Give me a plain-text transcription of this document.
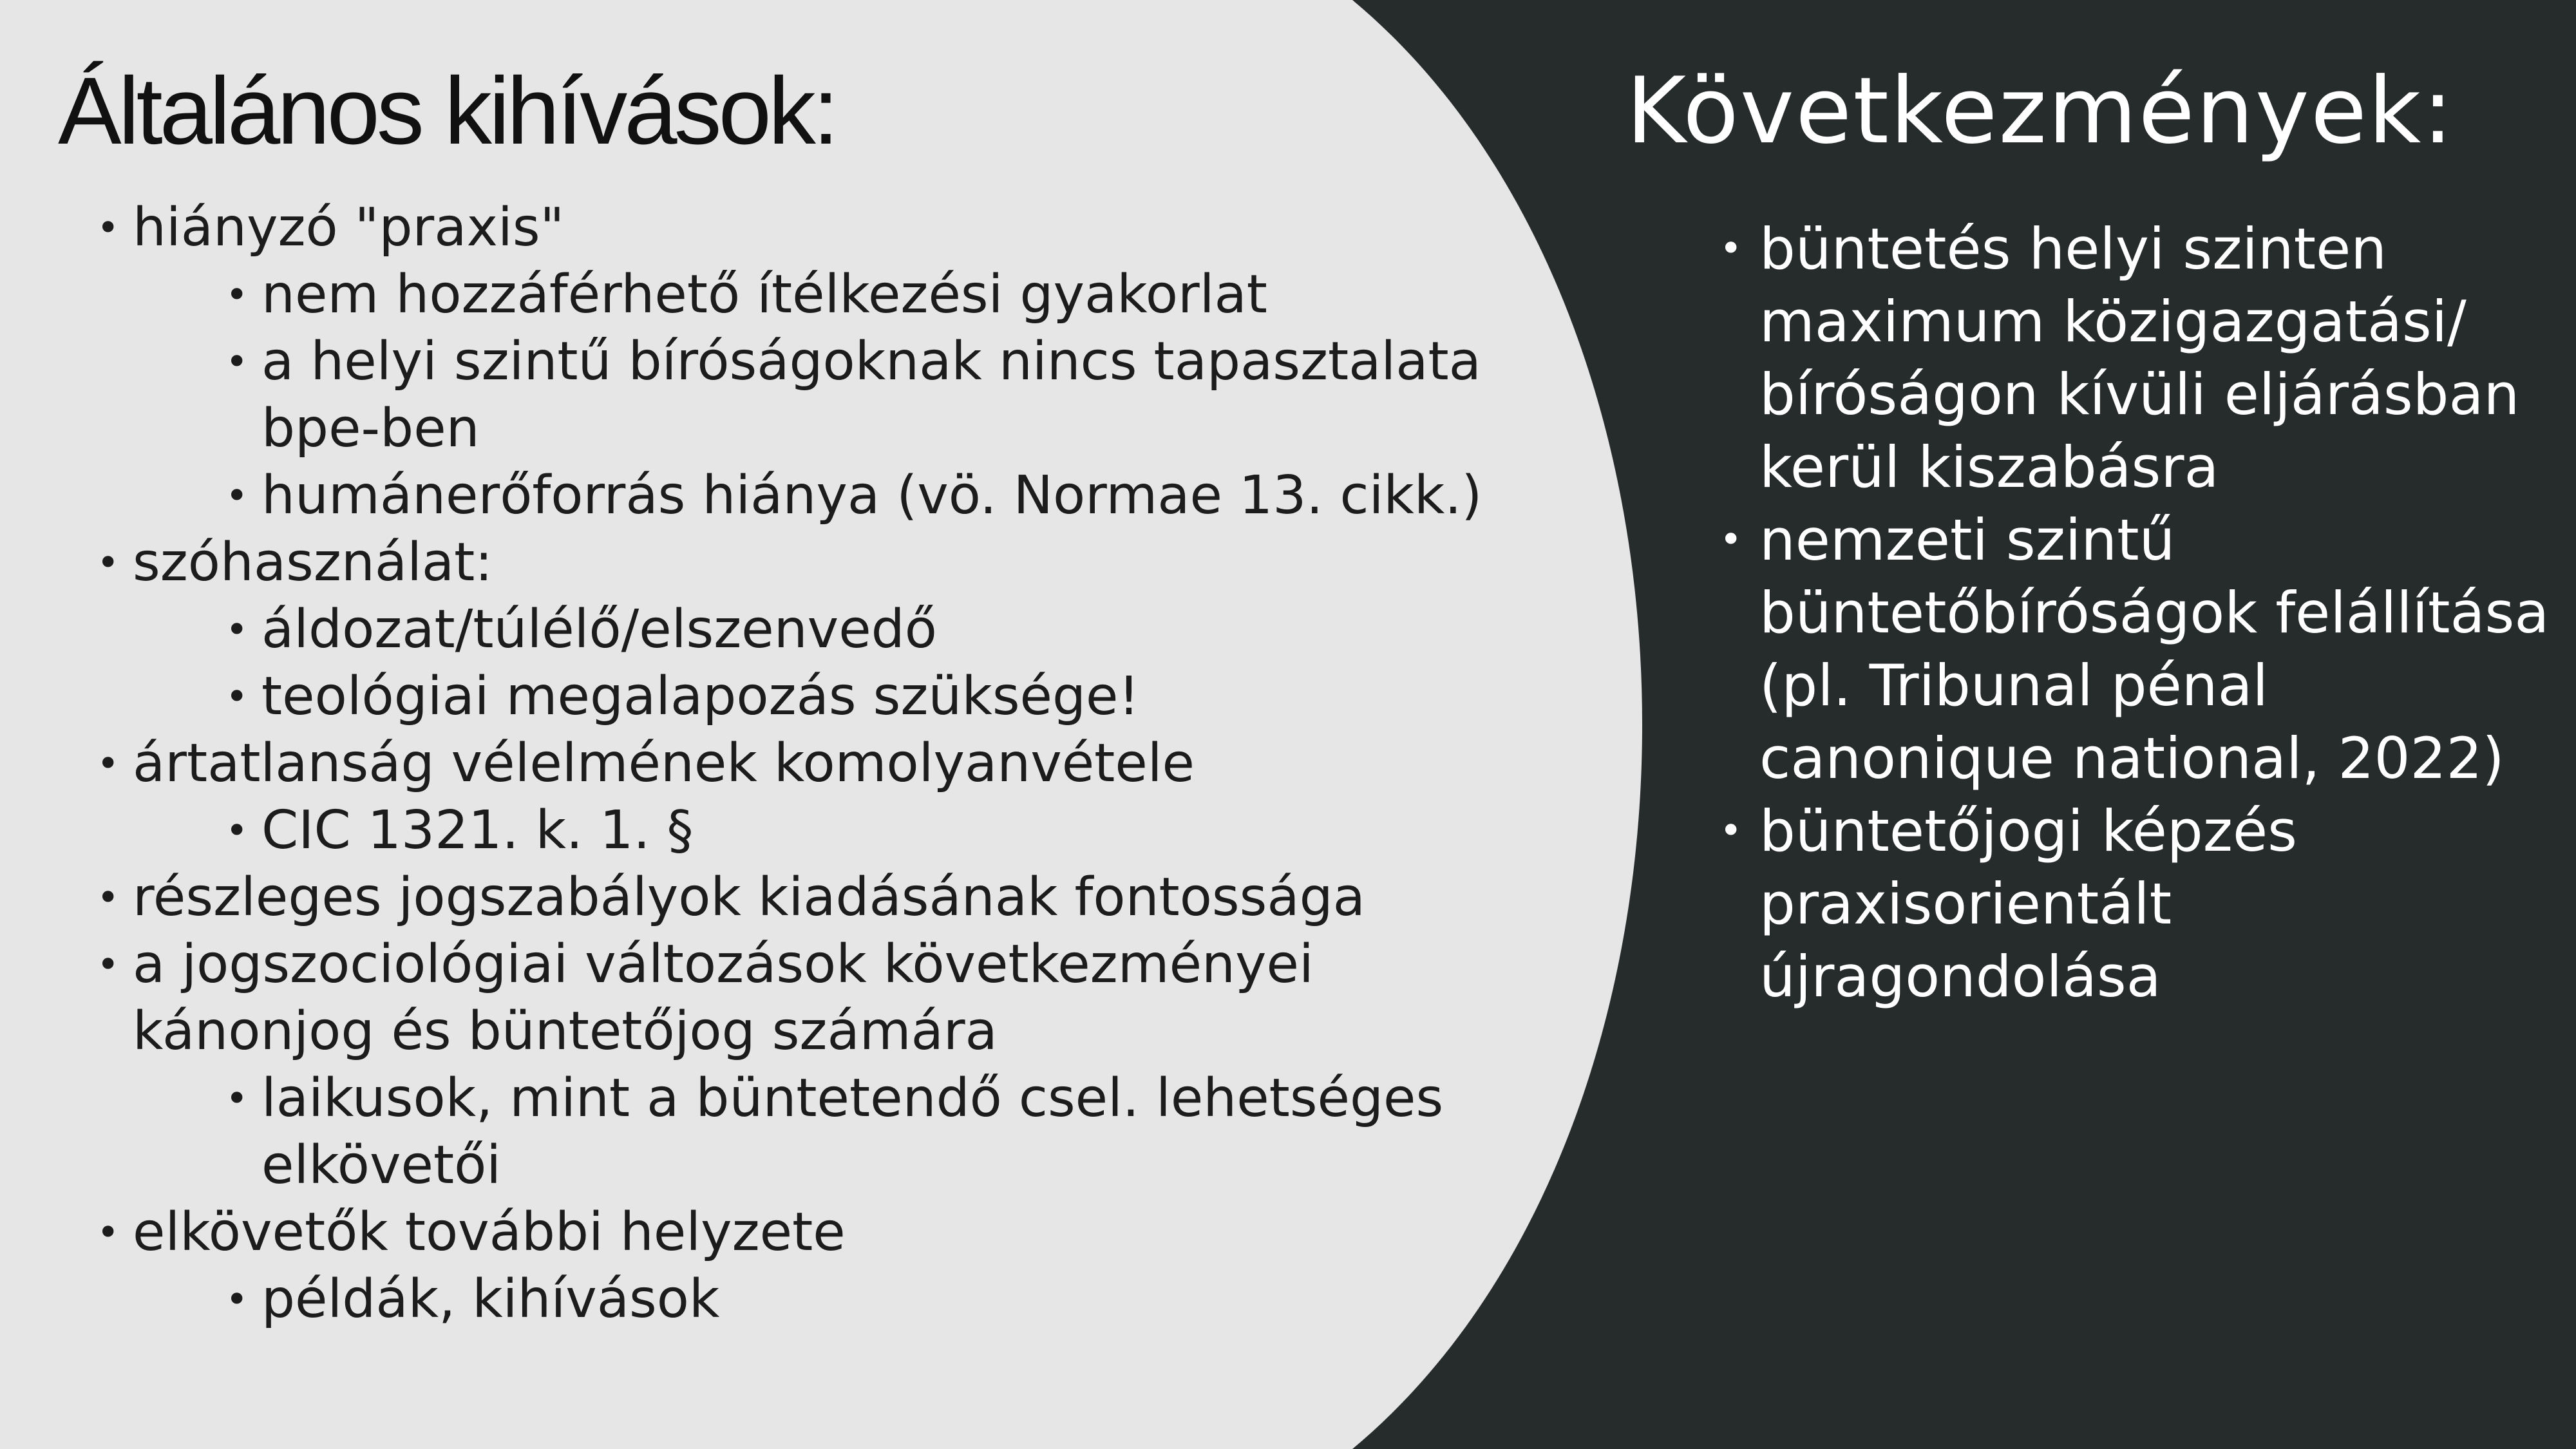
Általános kihívások:
• hiányzó "praxis"
• nem hozzáférhető ítélkezési gyakorlat
• a helyi szintű bíróságoknak nincs tapasztalata bpe-ben
• humánerőforrás hiánya (vö. Normae 13. cikk.)
• szóhasználat:
• áldozat/túlélő/elszenvedő
• teológiai megalapozás szüksége!
• ártatlanság vélelmének komolyanvétele
• CIC 1321. k. 1. §
• részleges jogszabályok kiadásának fontossága
• a jogszociológiai változások következményei kánonjog és büntetőjog számára
• laikusok, mint a büntetendő csel. lehetséges elkövetői
• elkövetők további helyzete
• példák, kihívások
Következmények:
• büntetés helyi szinten maximum közigazgatási/ bíróságon kívüli eljárásban kerül kiszabásra
• nemzeti szintű büntetőbíróságok felállítása (pl. Tribunal pénal canonique national, 2022)
• büntetőjogi képzés praxisorientált újragondolása
